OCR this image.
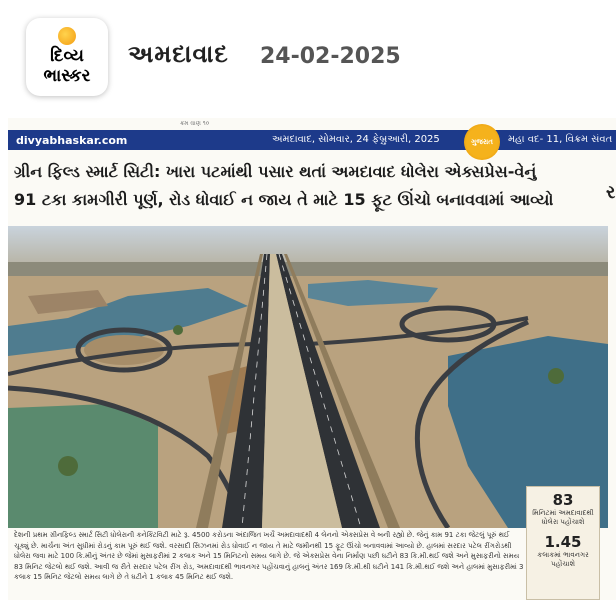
દિવ્ય
ભાસ્કર
અમદાવાદ 24-02-2025
ક્રમ વાણ ૧૦
divyabhaskar.com	અમદાવાદ, સોમવાર, 24 ફેબ્રુઆરી, 2025	ગુજરાત	મહા વદ- 11, વિક્રમ સંવત
ગ્રીન ફિલ્ડ સ્માર્ટ સિટી: ખારા પટમાંથી પસાર થતાં અમદાવાદ ધોલેરા એક્સપ્રેસ-વેનું
91 ટકા કામગીરી પૂર્ણ, રોડ ધોવાઈ ન જાય તે માટે 15 ફૂટ ઊંચો બનાવવામાં આવ્યો	ર
83
મિનિટમાં અમદાવાદથી ધોલેરા પહોંચાશે
1.45
કલાકમાં ભાવનગર પહોંચાશે
દેશની પ્રથમ ગ્રીનફિલ્ડ સ્માર્ટ સિટી ધોલેરાની કનેક્ટિવિટી માટે રૂ. 4500 કરોડના અંદાજિત ખર્ચે અમદાવાદથી 4 લેનનો એક્સપ્રેસ વે બની રહ્યો છે. જેનું કામ 91 ટકા જેટલું પૂરું થઈ ચૂક્યું છે. માર્ચના અંત સુધીમાં રોડનું કામ પૂરું થઈ જશે. વરસાદી સિઝનમાં રોડ ધોવાઈ ન જાય તે માટે જમીનથી 15 ફૂટ ઊંચો બનાવવામાં આવ્યો છે. હાલમાં સરદાર પટેલ રીંગરોડથી ધોલેરા જવા માટે 100 કિ.મીનું અંતર છે જેમાં મુસાફરીમાં 2 કલાક અને 15 મિનિટનો સમય લાગે છે. જે એક્સપ્રેસ વેના નિર્માણ પછી ઘટીને 83 કિ.મી.થઈ જશે અને મુસાફરીનો સમય 83 મિનિટ જેટલો થઈ જશે. આવી જ રીતે સરદાર પટેલ રીંગ રોડ, અમદાવાદથી ભાવનગર પહોંચવાનું હાલનું અંતર 169 કિ.મી.થી ઘટીને 141 કિ.મી.થઈ જશે અને હાલમાં મુસાફરીમાં 3 કલાક 15 મિનિટ જેટલો સમય લાગે છે તે ઘટીને 1 કલાક 45 મિનિટ થઈ જશે.
